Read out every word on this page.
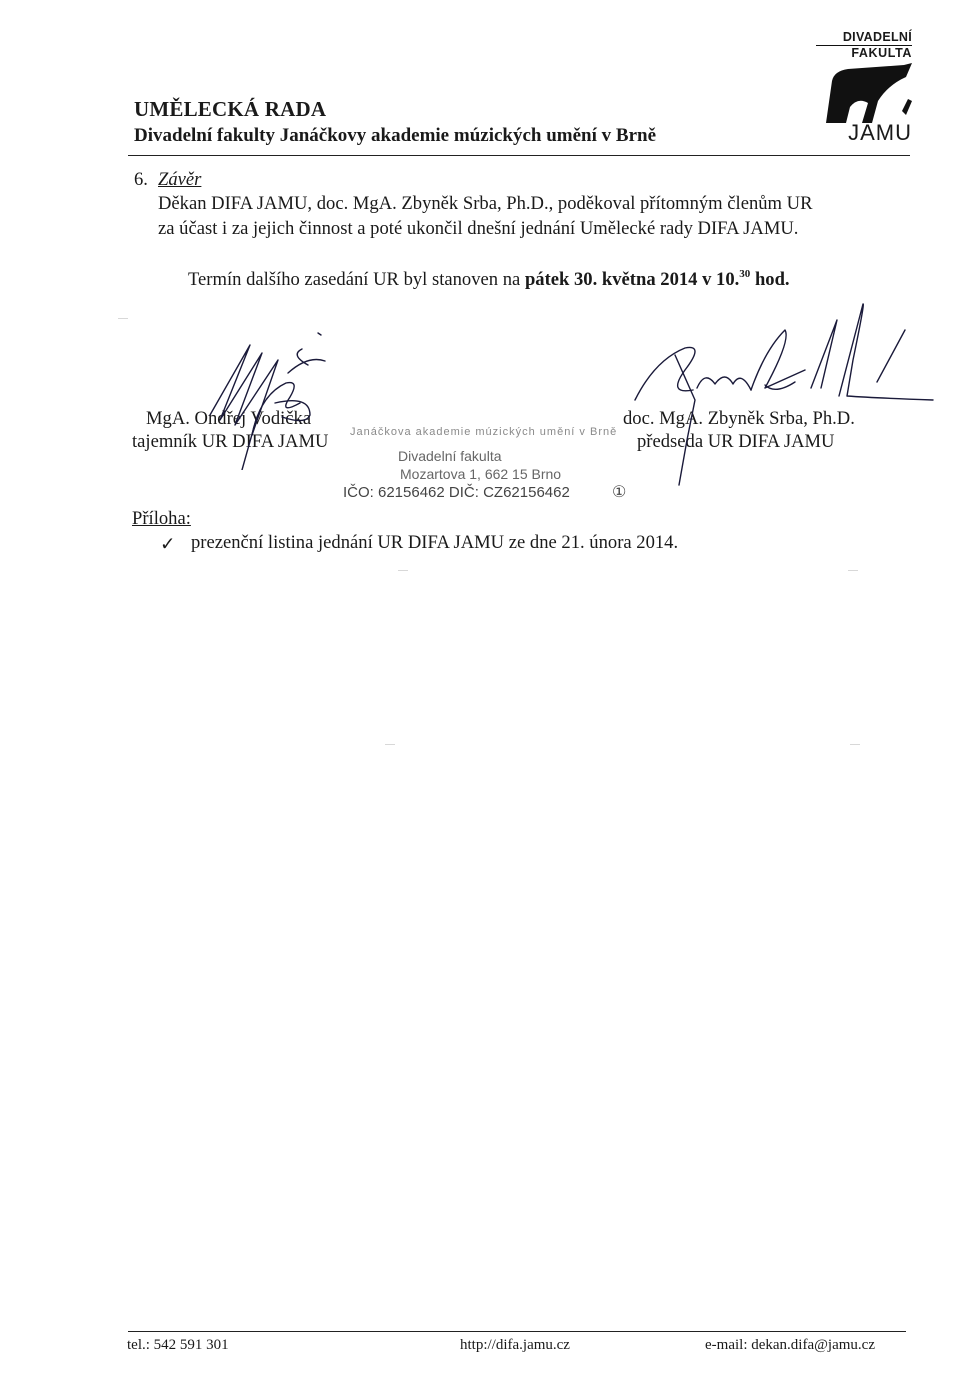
DIVADELNÍ
FAKULTA
JAMU
UMĚLECKÁ RADA
Divadelní fakulty Janáčkovy akademie múzických umění v Brně
6. Závěr
Děkan DIFA JAMU, doc. MgA. Zbyněk Srba, Ph.D., poděkoval přítomným členům UR
za účast i za jejich činnost a poté ukončil dnešní jednání Umělecké rady DIFA JAMU.
Termín dalšího zasedání UR byl stanoven na pátek 30. května 2014 v 10.30 hod.
Janáčkova akademie múzických umění v Brně
Divadelní fakulta
Mozartova 1, 662 15 Brno
IČO: 62156462 DIČ: CZ62156462	①
MgA. Ondřej Vodička
tajemník UR DIFA JAMU
doc. MgA. Zbyněk Srba, Ph.D.
předseda UR DIFA JAMU
Příloha:
✓ prezenční listina jednání UR DIFA JAMU ze dne 21. února 2014.
tel.: 542 591 301	http://difa.jamu.cz	e-mail: dekan.difa@jamu.cz
